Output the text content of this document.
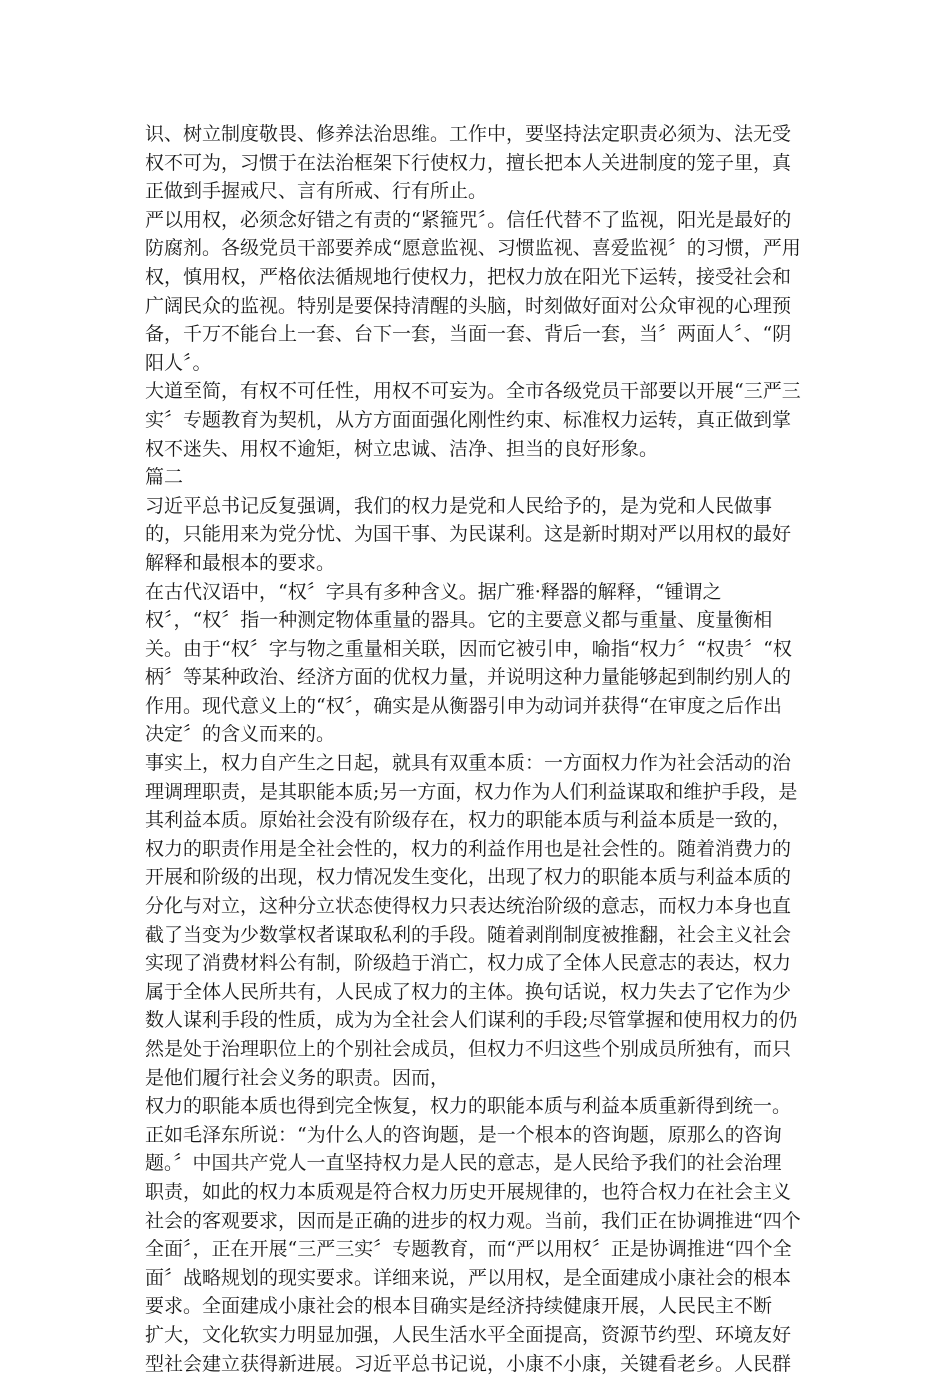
识、树立制度敬畏、修养法治思维。工作中，要坚持法定职责必须为、法无受
权不可为，习惯于在法治框架下行使权力，擅长把本人关进制度的笼子里，真
正做到手握戒尺、言有所戒、行有所止。
严以用权，必须念好错之有责的“紧箍咒〞。信任代替不了监视，阳光是最好的
防腐剂。各级党员干部要养成“愿意监视、习惯监视、喜爱监视〞的习惯，严用
权，慎用权，严格依法循规地行使权力，把权力放在阳光下运转，接受社会和
广阔民众的监视。特别是要保持清醒的头脑，时刻做好面对公众审视的心理预
备，千万不能台上一套、台下一套，当面一套、背后一套，当〞两面人〞、“阴
阳人〞。
大道至简，有权不可任性，用权不可妄为。全市各级党员干部要以开展“三严三
实〞专题教育为契机，从方方面面强化刚性约束、标准权力运转，真正做到掌
权不迷失、用权不逾矩，树立忠诚、洁净、担当的良好形象。
篇二
习近平总书记反复强调，我们的权力是党和人民给予的，是为党和人民做事
的，只能用来为党分忧、为国干事、为民谋利。这是新时期对严以用权的最好
解释和最根本的要求。
在古代汉语中，“权〞字具有多种含义。据广雅·释器的解释，“锺谓之
权〞，“权〞指一种测定物体重量的器具。它的主要意义都与重量、度量衡相
关。由于“权〞字与物之重量相关联，因而它被引申，喻指“权力〞“权贵〞“权
柄〞等某种政治、经济方面的优权力量，并说明这种力量能够起到制约别人的
作用。现代意义上的“权〞，确实是从衡器引申为动词并获得“在审度之后作出
决定〞的含义而来的。
事实上，权力自产生之日起，就具有双重本质：一方面权力作为社会活动的治
理调理职责，是其职能本质;另一方面，权力作为人们利益谋取和维护手段，是
其利益本质。原始社会没有阶级存在，权力的职能本质与利益本质是一致的，
权力的职责作用是全社会性的，权力的利益作用也是社会性的。随着消费力的
开展和阶级的出现，权力情况发生变化，出现了权力的职能本质与利益本质的
分化与对立，这种分立状态使得权力只表达统治阶级的意志，而权力本身也直
截了当变为少数掌权者谋取私利的手段。随着剥削制度被推翻，社会主义社会
实现了消费材料公有制，阶级趋于消亡，权力成了全体人民意志的表达，权力
属于全体人民所共有，人民成了权力的主体。换句话说，权力失去了它作为少
数人谋利手段的性质，成为为全社会人们谋利的手段;尽管掌握和使用权力的仍
然是处于治理职位上的个别社会成员，但权力不归这些个别成员所独有，而只
是他们履行社会义务的职责。因而，
权力的职能本质也得到完全恢复，权力的职能本质与利益本质重新得到统一。
正如毛泽东所说：“为什么人的咨询题，是一个根本的咨询题，原那么的咨询
题。〞中国共产党人一直坚持权力是人民的意志，是人民给予我们的社会治理
职责，如此的权力本质观是符合权力历史开展规律的，也符合权力在社会主义
社会的客观要求，因而是正确的进步的权力观。当前，我们正在协调推进“四个
全面〞，正在开展“三严三实〞专题教育，而“严以用权〞正是协调推进“四个全
面〞战略规划的现实要求。详细来说，严以用权，是全面建成小康社会的根本
要求。全面建成小康社会的根本目确实是经济持续健康开展，人民民主不断
扩大，文化软实力明显加强，人民生活水平全面提高，资源节约型、环境友好
型社会建立获得新进展。习近平总书记说，小康不小康，关键看老乡。人民群
